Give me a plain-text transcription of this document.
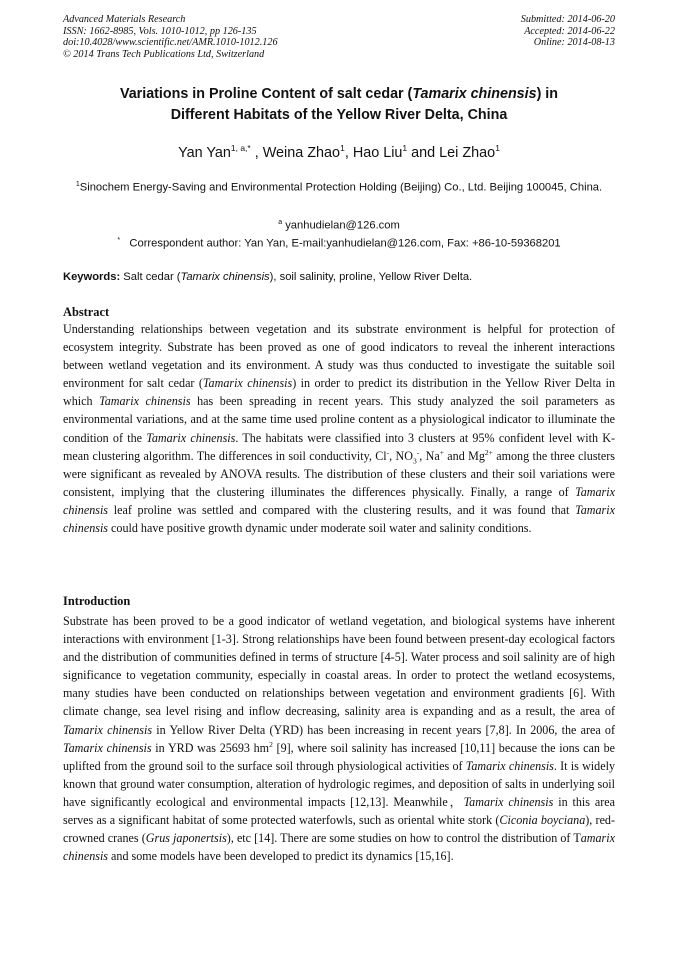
Advanced Materials Research
ISSN: 1662-8985, Vols. 1010-1012, pp 126-135
doi:10.4028/www.scientific.net/AMR.1010-1012.126
© 2014 Trans Tech Publications Ltd, Switzerland
Submitted: 2014-06-20
Accepted: 2014-06-22
Online: 2014-08-13
Variations in Proline Content of salt cedar (Tamarix chinensis) in
Different Habitats of the Yellow River Delta, China
Yan Yan$^{1, a,*}$ , Weina Zhao$^1$, Hao Liu$^1$ and Lei Zhao$^1$
$^1$Sinochem Energy-Saving and Environmental Protection Holding (Beijing) Co., Ltd. Beijing 100045, China.
$^a$ yanhudielan@126.com
* Correspondent author: Yan Yan, E-mail:yanhudielan@126.com, Fax: +86-10-59368201
Keywords: Salt cedar (Tamarix chinensis), soil salinity, proline, Yellow River Delta.
Abstract
Understanding relationships between vegetation and its substrate environment is helpful for protection of ecosystem integrity. Substrate has been proved as one of good indicators to reveal the inherent interactions between wetland vegetation and its environment. A study was thus conducted to investigate the suitable soil environment for salt cedar (Tamarix chinensis) in order to predict its distribution in the Yellow River Delta in which Tamarix chinensis has been spreading in recent years. This study analyzed the soil parameters as environmental variations, and at the same time used proline content as a physiological indicator to illuminate the condition of the Tamarix chinensis. The habitats were classified into 3 clusters at 95% confident level with K-mean clustering algorithm. The differences in soil conductivity, Cl-, $NO_3^-$, Na+ and $Mg^{2+}$ among the three clusters were significant as revealed by ANOVA results. The distribution of these clusters and their soil variations were consistent, implying that the clustering illuminates the differences physically. Finally, a range of Tamarix chinensis leaf proline was settled and compared with the clustering results, and it was found that Tamarix chinensis could have positive growth dynamic under moderate soil water and salinity conditions.
Introduction
Substrate has been proved to be a good indicator of wetland vegetation, and biological systems have inherent interactions with environment [1-3]. Strong relationships have been found between present-day ecological factors and the distribution of communities defined in terms of structure [4-5]. Water process and soil salinity are of high significance to vegetation community, especially in coastal areas. In order to protect the wetland ecosystems, many studies have been conducted on relationships between vegetation and environment gradients [6]. With climate change, sea level rising and inflow decreasing, salinity area is expanding and as a result, the area of Tamarix chinensis in Yellow River Delta (YRD) has been increasing in recent years [7,8]. In 2006, the area of Tamarix chinensis in YRD was 25693 $hm^2$ [9], where soil salinity has increased [10,11] because the ions can be uplifted from the ground soil to the surface soil through physiological activities of Tamarix chinensis. It is widely known that ground water consumption, alteration of hydrologic regimes, and deposition of salts in underlying soil have significantly ecological and environmental impacts [12,13]. Meanwhile，Tamarix chinensis in this area serves as a significant habitat of some protected waterfowls, such as oriental white stork (Ciconia boyciana), red-crowned cranes (Grus japonertsis), etc [14]. There are some studies on how to control the distribution of Tamarix chinensis and some models have been developed to predict its dynamics [15,16].
